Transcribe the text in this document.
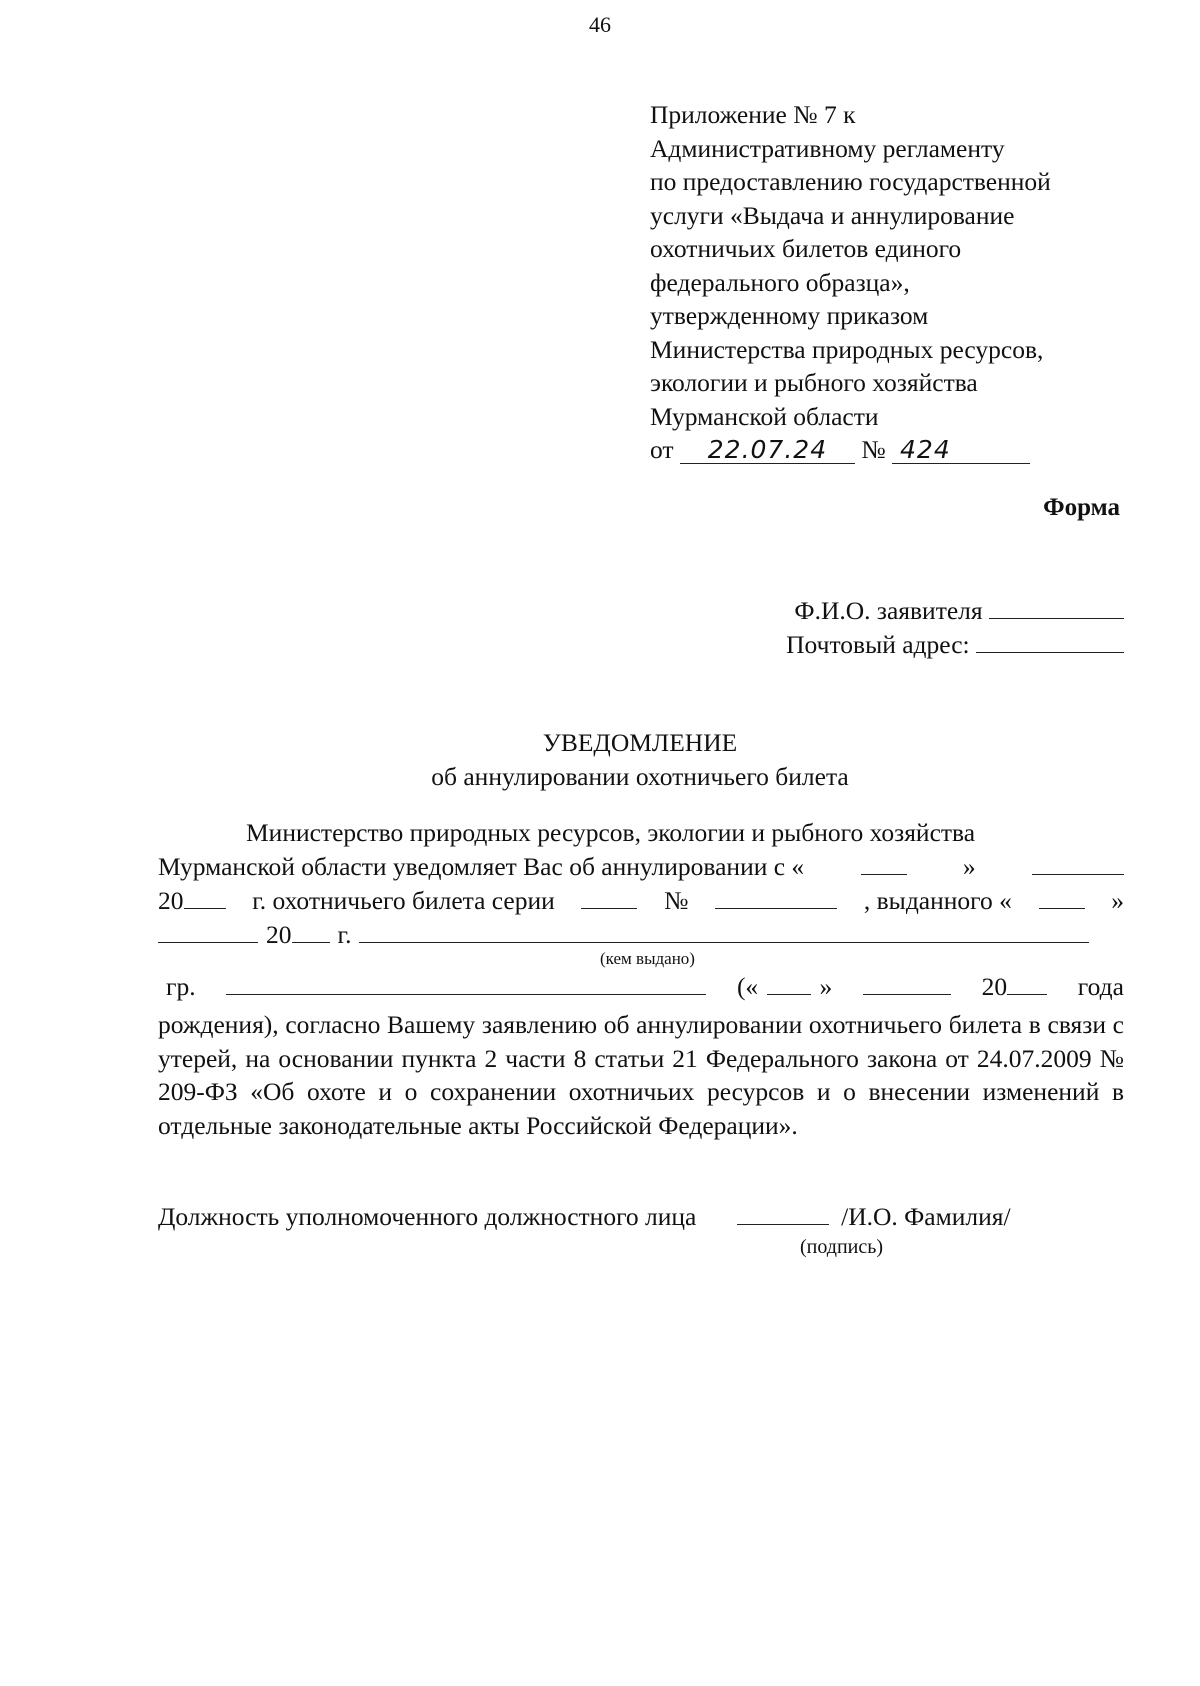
46
Приложение № 7 к
Административному регламенту
по предоставлению государственной
услуги «Выдача и аннулирование
охотничьих билетов единого
федерального образца»,
утвержденному приказом
Министерства природных ресурсов,
экологии и рыбного хозяйства
Мурманской области
от 22.07.24 № 424
Форма
Ф.И.О. заявителя
Почтовый адрес:
УВЕДОМЛЕНИЕ
об аннулировании охотничьего билета
Министерство природных ресурсов, экологии и рыбного хозяйства
Мурманской области уведомляет Вас об аннулировании с «	»
20	г. охотничьего билета серии	№	, выданного «	»
20 г.
(кем выдано)
гр.	(« »	20	года
рождения), согласно Вашему заявлению об аннулировании охотничьего билета в связи с утерей, на основании пункта 2 части 8 статьи 21 Федерального закона от 24.07.2009 № 209-ФЗ «Об охоте и о сохранении охотничьих ресурсов и о внесении изменений в отдельные законодательные акты Российской Федерации».
Должность уполномоченного должностного лица	/И.О. Фамилия/
(подпись)
